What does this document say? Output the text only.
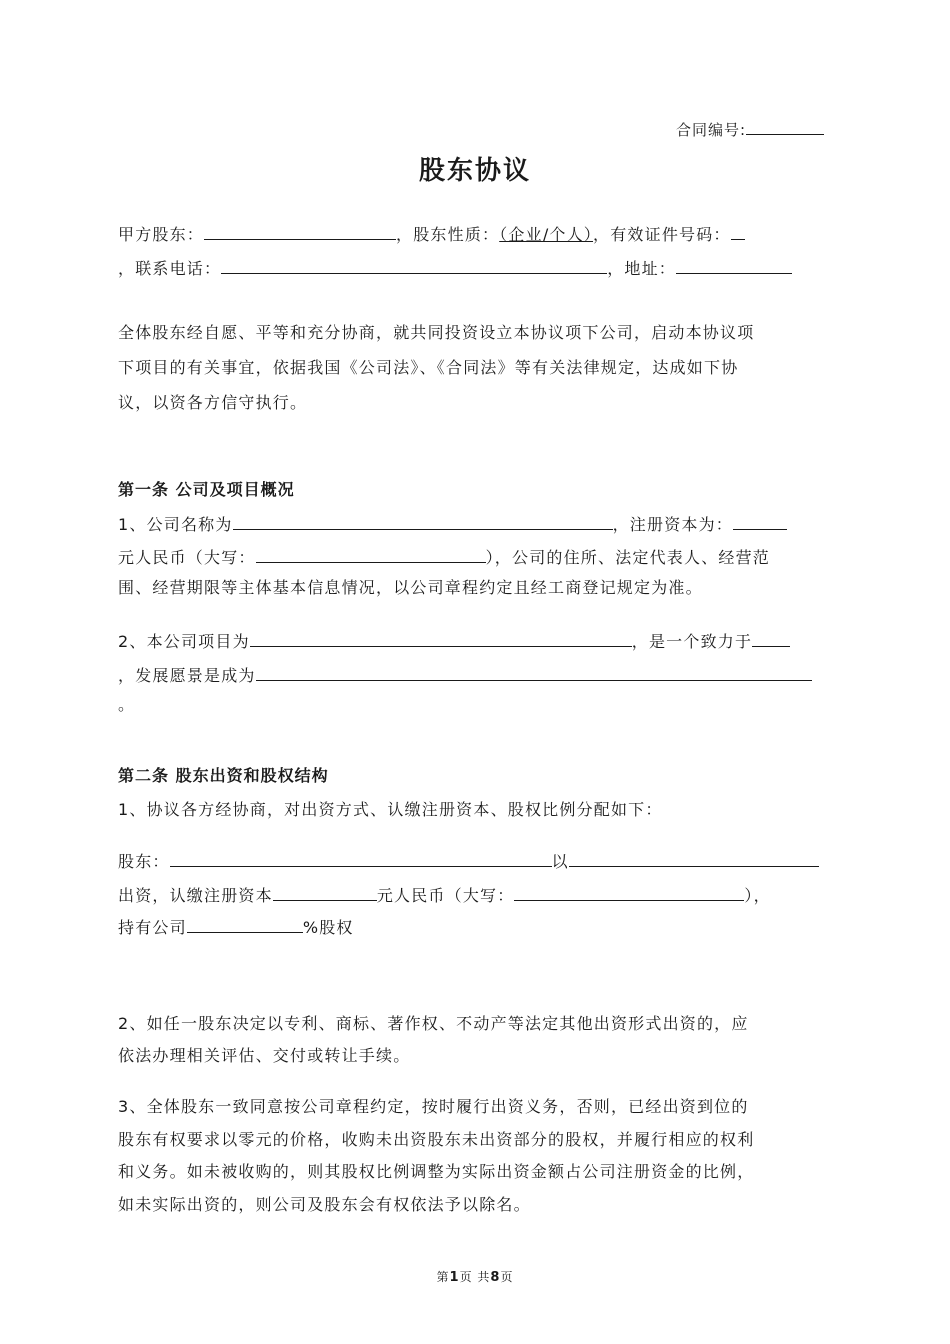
合同编号:
股东协议
甲方股东：	，股东性质：（企业/个人），有效证件号码：
，联系电话：	，地址：
全体股东经自愿、平等和充分协商，就共同投资设立本协议项下公司，启动本协议项
下项目的有关事宜，依据我国《公司法》、《合同法》等有关法律规定，达成如下协
议，以资各方信守执行。
第一条 公司及项目概况
1、公司名称为	，注册资本为：
元人民币（大写：	），公司的住所、法定代表人、经营范
围、经营期限等主体基本信息情况，以公司章程约定且经工商登记规定为准。
2、本公司项目为	，是一个致力于
，发展愿景是成为
。
第二条 股东出资和股权结构
1、协议各方经协商，对出资方式、认缴注册资本、股权比例分配如下：
股东：	以
出资，认缴注册资本	元人民币（大写：	），
持有公司	%股权
2、如任一股东决定以专利、商标、著作权、不动产等法定其他出资形式出资的，应
依法办理相关评估、交付或转让手续。
3、全体股东一致同意按公司章程约定，按时履行出资义务，否则，已经出资到位的
股东有权要求以零元的价格，收购未出资股东未出资部分的股权，并履行相应的权利
和义务。如未被收购的，则其股权比例调整为实际出资金额占公司注册资金的比例，
如未实际出资的，则公司及股东会有权依法予以除名。
第1页 共8页
